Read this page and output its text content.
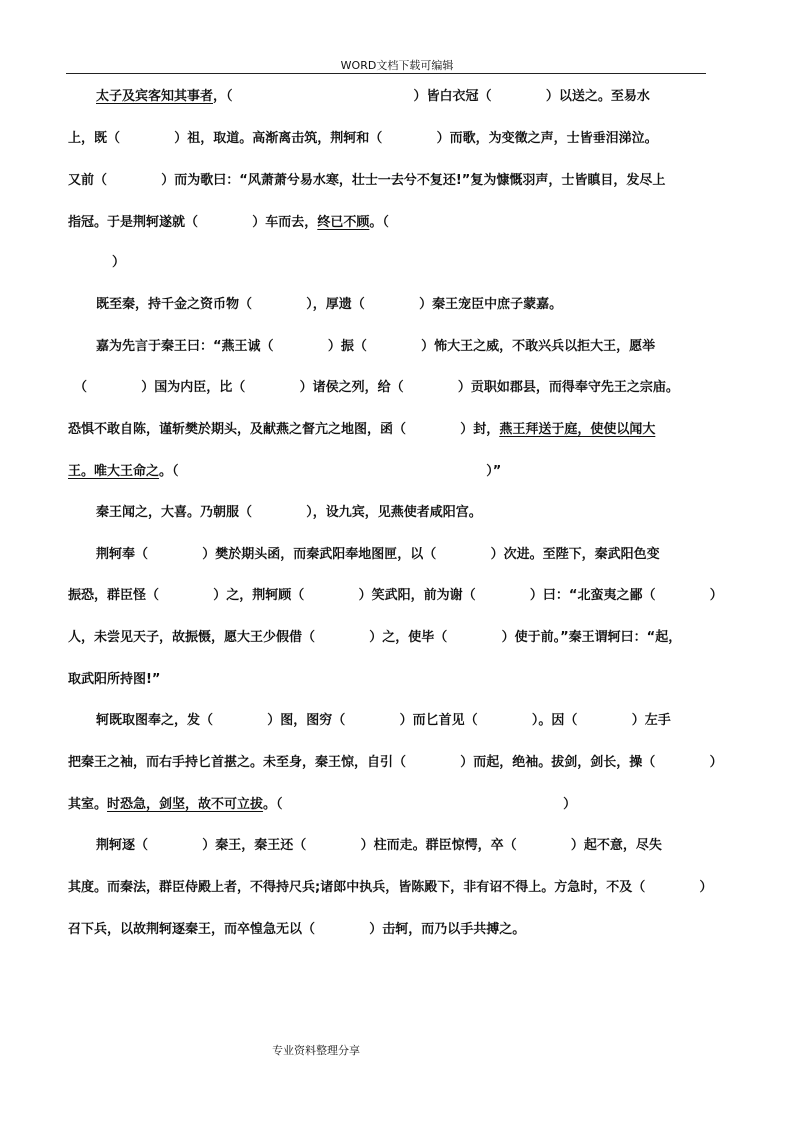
WORD文档下载可编辑
太子及宾客知其事者，（                                        ）皆白衣冠（            ）以送之。至易水
上，既（            ）祖，取道。高渐离击筑，荆轲和（            ）而歌，为变徵之声，士皆垂泪涕泣。
又前（            ）而为歌曰：“风萧萧兮易水寒，壮士一去兮不复还!”复为慷慨羽声，士皆瞋目，发尽上
指冠。于是荆轲遂就（            ）车而去，终已不顾。（
）
既至秦，持千金之资币物（            ），厚遗（            ）秦王宠臣中庶子蒙嘉。
嘉为先言于秦王曰：“燕王诚（            ）振（            ）怖大王之威，不敢兴兵以拒大王，愿举
（            ）国为内臣，比（            ）诸侯之列，给（            ）贡职如郡县，而得奉守先王之宗庙。
恐惧不敢自陈，谨斩樊於期头，及献燕之督亢之地图，函（            ）封，燕王拜送于庭，使使以闻大
王。唯大王命之。（                                                                    ）”
秦王闻之，大喜。乃朝服（            ），设九宾，见燕使者咸阳宫。
荆轲奉（            ）樊於期头函，而秦武阳奉地图匣，以（            ）次进。至陛下，秦武阳色变
振恐，群臣怪（            ）之，荆轲顾（            ）笑武阳，前为谢（            ）曰：“北蛮夷之鄙（            ）
人，未尝见天子，故振慑，愿大王少假借（            ）之，使毕（            ）使于前。”秦王谓轲曰：“起，
取武阳所持图!”
轲既取图奉之，发（            ）图，图穷（            ）而匕首见（            ）。因（            ）左手
把秦王之袖，而右手持匕首揕之。未至身，秦王惊，自引（            ）而起，绝袖。拔剑，剑长，操（            ）
其室。时恐急，剑坚，故不可立拔。（                                                              ）
荆轲逐（            ）秦王，秦王还（            ）柱而走。群臣惊愕，卒（            ）起不意，尽失
其度。而秦法，群臣侍殿上者，不得持尺兵;诸郎中执兵，皆陈殿下，非有诏不得上。方急时，不及（            ）
召下兵，以故荆轲逐秦王，而卒惶急无以（            ）击轲，而乃以手共搏之。
专业资料整理分享
